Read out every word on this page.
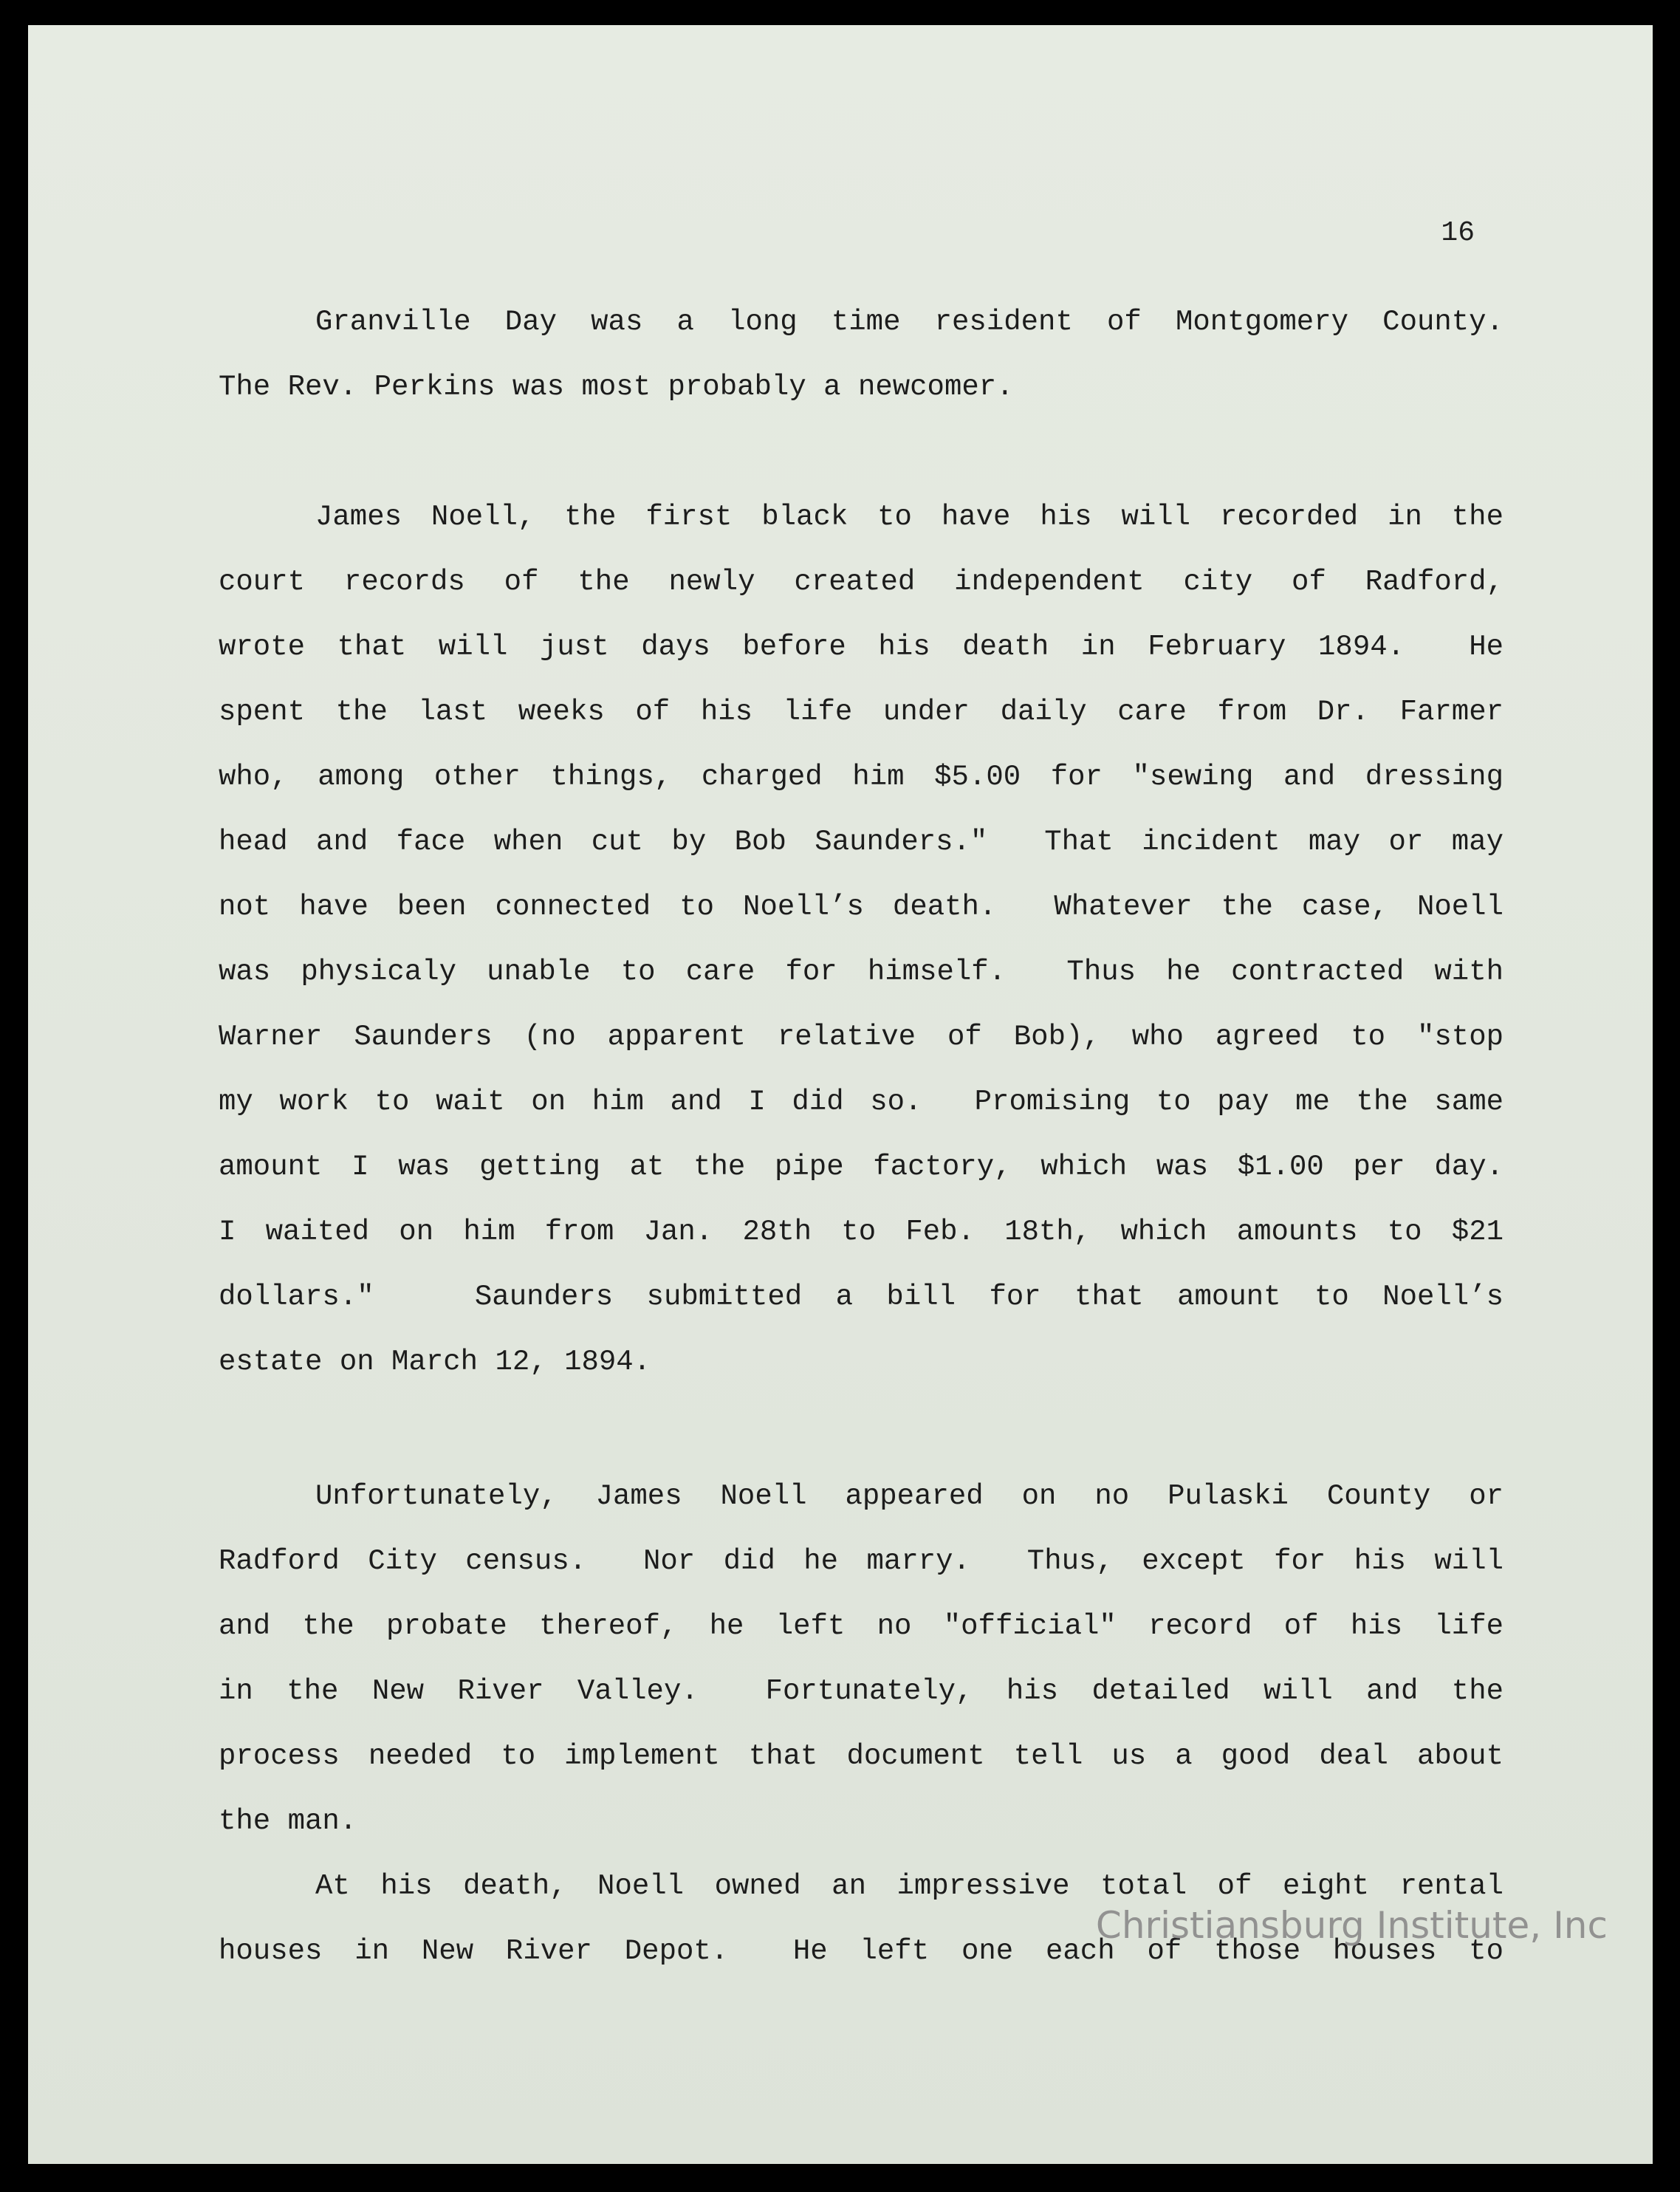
16
Granville Day was a long time resident of Montgomery County.
The Rev. Perkins was most probably a newcomer.
James Noell, the first black to have his will recorded in the
court records of the newly created independent city of Radford,
wrote that will just days before his death in February 1894.  He
spent the last weeks of his life under daily care from Dr. Farmer
who, among other things, charged him $5.00 for "sewing and dressing
head and face when cut by Bob Saunders."  That incident may or may
not have been connected to Noell’s death.  Whatever the case, Noell
was physicaly unable to care for himself.  Thus he contracted with
Warner Saunders (no apparent relative of Bob), who agreed to "stop
my work to wait on him and I did so.  Promising to pay me the same
amount I was getting at the pipe factory, which was $1.00 per day.
I waited on him from Jan. 28th to Feb. 18th, which amounts to $21
dollars."   Saunders submitted a bill for that amount to Noell’s
estate on March 12, 1894.
Unfortunately, James Noell appeared on no Pulaski County or
Radford City census.  Nor did he marry.  Thus, except for his will
and the probate thereof, he left no "official" record of his life
in the New River Valley.  Fortunately, his detailed will and the
process needed to implement that document tell us a good deal about
the man.
At his death, Noell owned an impressive total of eight rental
houses in New River Depot.  He left one each of those houses to
Christiansburg Institute, Inc
